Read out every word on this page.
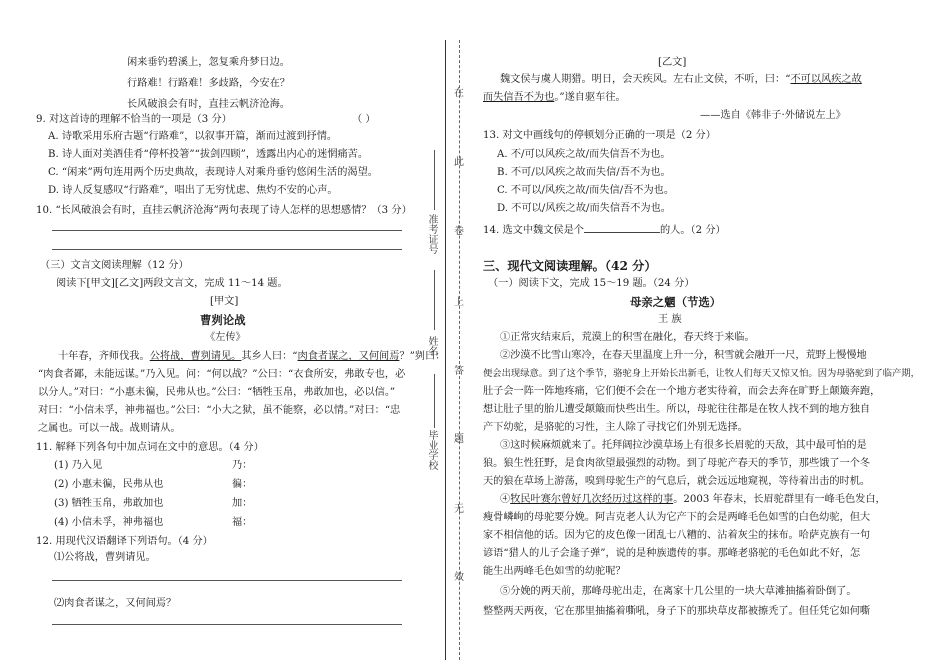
闲来垂钓碧溪上，忽复乘舟梦日边。
行路难！行路难！多歧路，今安在？
长风破浪会有时，直挂云帆济沧海。
9. 对这首诗的理解不恰当的一项是（3 分）	（ ）
A. 诗歌采用乐府古题“行路难”，以叙事开篇，渐而过渡到抒情。
B. 诗人面对美酒佳肴“停杯投箸”“拔剑四顾”，透露出内心的迷惘痛苦。
C. “闲来”两句连用两个历史典故，表现诗人对乘舟垂钓悠闲生活的渴望。
D. 诗人反复感叹“行路难”，唱出了无穷忧虑、焦灼不安的心声。
10. “长风破浪会有时，直挂云帆济沧海”两句表现了诗人怎样的思想感情？（3 分）
（三）文言文阅读理解（12 分）
阅读下[甲文][乙文]两段文言文，完成 11～14 题。
[甲文]
曹刿论战
《左传》
十年春，齐师伐我。公将战，曹刿请见。其乡人曰：“肉食者谋之，又何间焉？”刿曰：
“肉食者鄙，未能远谋。”乃入见。问：“何以战？”公曰：“衣食所安，弗敢专也，必
以分人。”对曰：“小惠未徧，民弗从也。”公曰：“牺牲玉帛，弗敢加也，必以信。”
对曰：“小信未孚，神弗福也。”公曰：“小大之狱，虽不能察，必以情。”对曰：“忠
之属也。可以一战。战则请从。
11. 解释下列各句中加点词在文中的意思。（4 分）
(1) 乃入见	乃：
(2) 小惠未徧，民弗从也	徧：
(3) 牺牲玉帛，弗敢加也	加：
(4) 小信未孚，神弗福也	福：
12. 用现代汉语翻译下列语句。（4 分）
⑴公将战，曹刿请见。
⑵肉食者谋之，又何间焉？
在
此
卷
上
答
题
无
效
准考证号
姓名
毕业学校
[乙文]
魏文侯与虞人期猎。明日，会天疾风。左右止文侯，不听，曰：“不可以风疾之故
而失信吾不为也。”遂自驱车往。
——选自《韩非子·外储说左上》
13. 对文中画线句的停顿划分正确的一项是（2 分）
A. 不/可以风疾之故/而失信吾不为也。
B. 不可/以风疾之故而失信/吾不为也。
C. 不可以/风疾之故/而失信/吾不为也。
D. 不可以/风疾之故/而失信吾不为也。
14. 选文中魏文侯是个	的人。（2 分）
三、现代文阅读理解。（42 分）
（一）阅读下文，完成 15～19 题。（24 分）
母亲之魍（节选）
王 族
①正常灾结束后，荒漠上的积雪在融化，春天终于来临。
②沙漠不比雪山寒冷，在春天里温度上升一分，积雪就会融开一尺，荒野上慢慢地
便会出现绿意。到了这个季节，骆驼身上开始长出新毛，让牧人们每天又惊又怕。因为母骆驼到了临产期，
肚子会一阵一阵地疼痛，它们便不会在一个地方老实待着，而会去奔在旷野上颠簸奔跑，
想让肚子里的胎儿遭受颠簸而快些出生。所以，母驼往往都是在牧人找不到的地方独自
产下幼驼，是骆驼的习性，主人除了寻找它们外别无选择。
③这时候麻烦就来了。托拜阔拉沙漠草场上有很多长眉驼的天敌，其中最可怕的是
狼。狼生性狂野，是食肉欲望最强烈的动物。到了母驼产春天的季节，那些饿了一个冬
天的狼在草场上游荡，嗅到母驼生产的气息后，就会远远地窥视，等待着出击的时机。
④牧民叶赛尔曾好几次经历过这样的事。2003 年春末，长眉驼群里有一峰毛色发白，
瘦骨嶙峋的母驼要分娩。阿吉克老人认为它产下的会是两峰毛色如雪的白色幼驼，但大
家不相信他的话。因为它的皮色像一团乱七八糟的、沾着灰尘的抹布。哈萨克族有一句
谚语“猎人的儿子会逢子弹”，说的是种族遗传的事。那峰老骆驼的毛色如此不好，怎
能生出两峰毛色如雪的幼驼呢？
⑤分娩的两天前，那峰母驼出走，在离家十几公里的一块大草滩抽搐着卧倒了。
整整两天两夜，它在那里抽搐着嘶吼，身子下的那块草皮都被擦秃了。但任凭它如何嘶
